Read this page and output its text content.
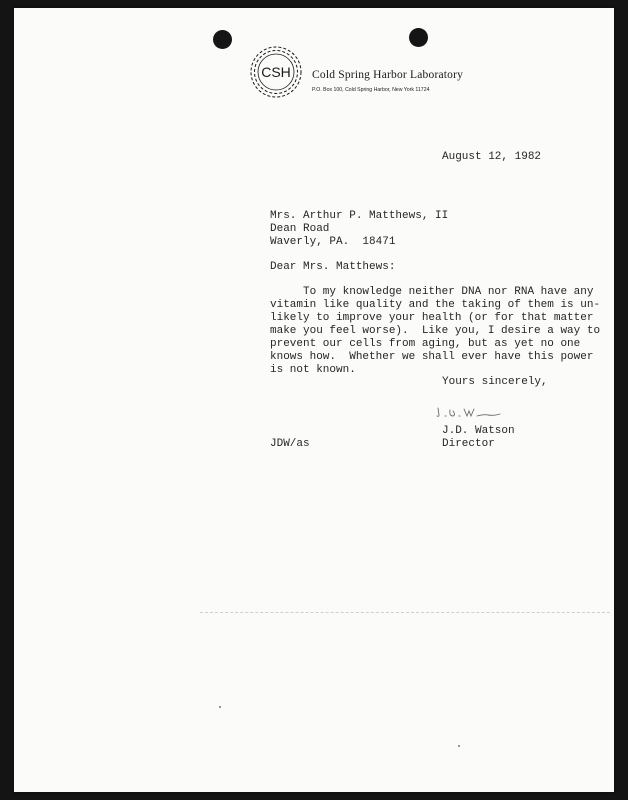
CSH Cold Spring Harbor Laboratory
P.O. Box 100, Cold Spring Harbor, New York 11724
August 12, 1982
Mrs. Arthur P. Matthews, II
Dean Road
Waverly, PA.  18471
Dear Mrs. Matthews:
To my knowledge neither DNA nor RNA have any
vitamin like quality and the taking of them is un-
likely to improve your health (or for that matter
make you feel worse).  Like you, I desire a way to
prevent our cells from aging, but as yet no one
knows how.  Whether we shall ever have this power
is not known.
Yours sincerely,
J.D. Watson
Director
JDW/as
